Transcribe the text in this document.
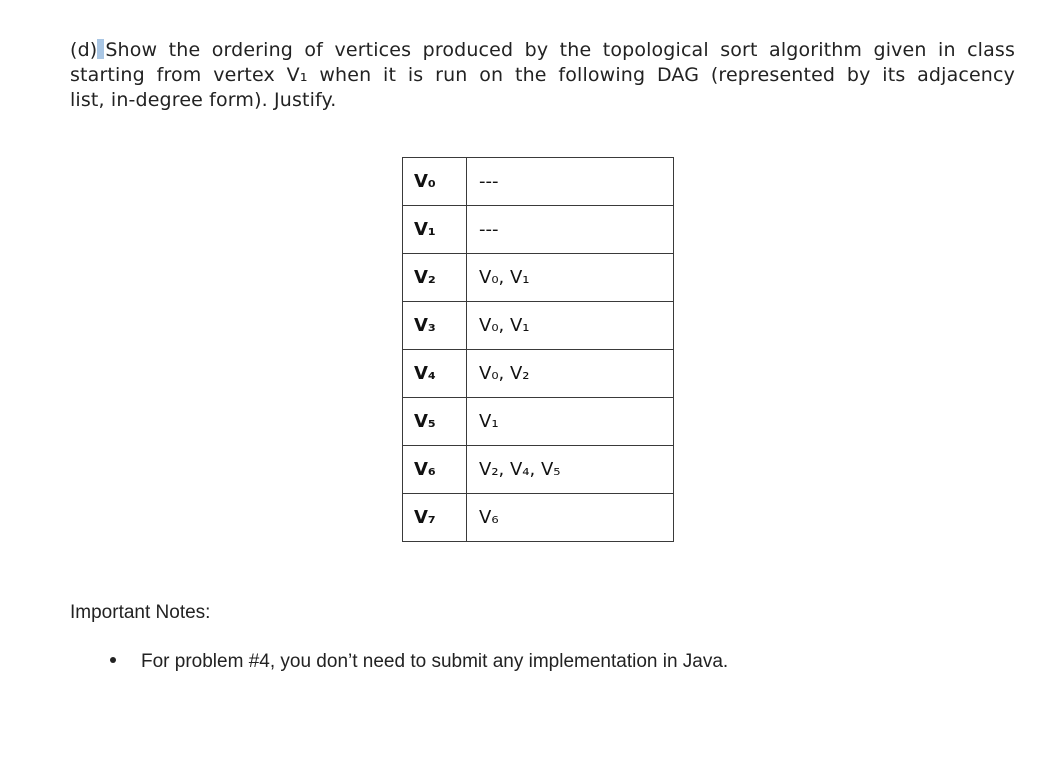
(d) Show the ordering of vertices produced by the topological sort algorithm given in class
starting from vertex V₁ when it is run on the following DAG (represented by its adjacency
list, in-degree form). Justify.
V₀	---
V₁	---
V₂	V₀, V₁
V₃	V₀, V₁
V₄	V₀, V₂
V₅	V₁
V₆	V₂, V₄, V₅
V₇	V₆
Important Notes:
For problem #4, you don’t need to submit any implementation in Java.
